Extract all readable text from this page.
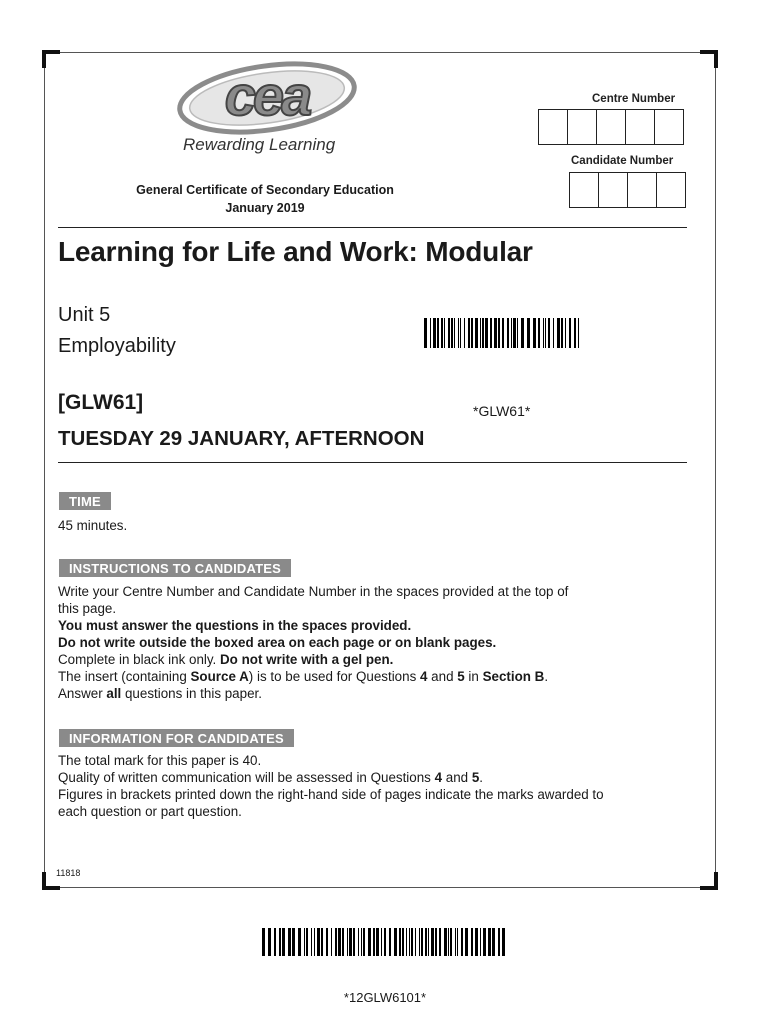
cea
Rewarding Learning
Centre Number
Candidate Number
General Certificate of Secondary Education
January 2019
Learning for Life and Work: Modular
Unit 5
Employability
[GLW61]	*GLW61*
TUESDAY 29 JANUARY, AFTERNOON
TIME
45 minutes.
INSTRUCTIONS TO CANDIDATES
Write your Centre Number and Candidate Number in the spaces provided at the top of
this page.
You must answer the questions in the spaces provided.
Do not write outside the boxed area on each page or on blank pages.
Complete in black ink only. Do not write with a gel pen.
The insert (containing Source A) is to be used for Questions 4 and 5 in Section B.
Answer all questions in this paper.
INFORMATION FOR CANDIDATES
The total mark for this paper is 40.
Quality of written communication will be assessed in Questions 4 and 5.
Figures in brackets printed down the right-hand side of pages indicate the marks awarded to
each question or part question.
11818
*12GLW6101*
